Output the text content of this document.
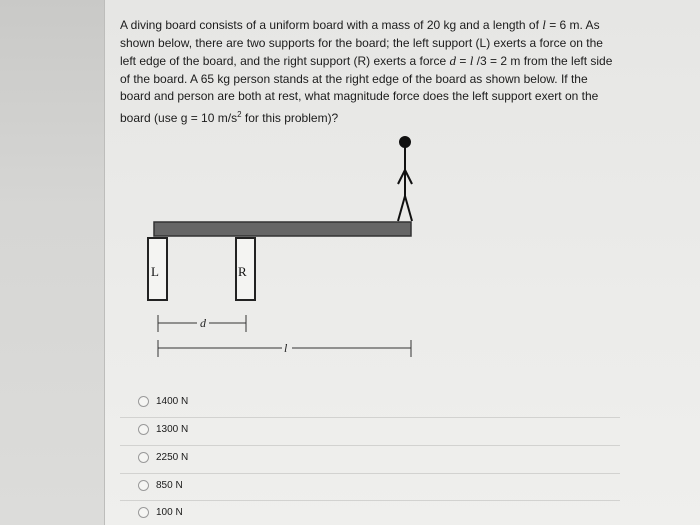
A diving board consists of a uniform board with a mass of 20 kg and a length of l = 6 m. As shown below, there are two supports for the board; the left support (L) exerts a force on the left edge of the board, and the right support (R) exerts a force d = l /3 = 2 m from the left side of the board. A 65 kg person stands at the right edge of the board as shown below. If the board and person are both at rest, what magnitude force does the left support exert on the board (use g = 10 $m/s^2$ for this problem)?
L	R
d
l
1400 N
1300 N
2250 N
850 N
100 N
